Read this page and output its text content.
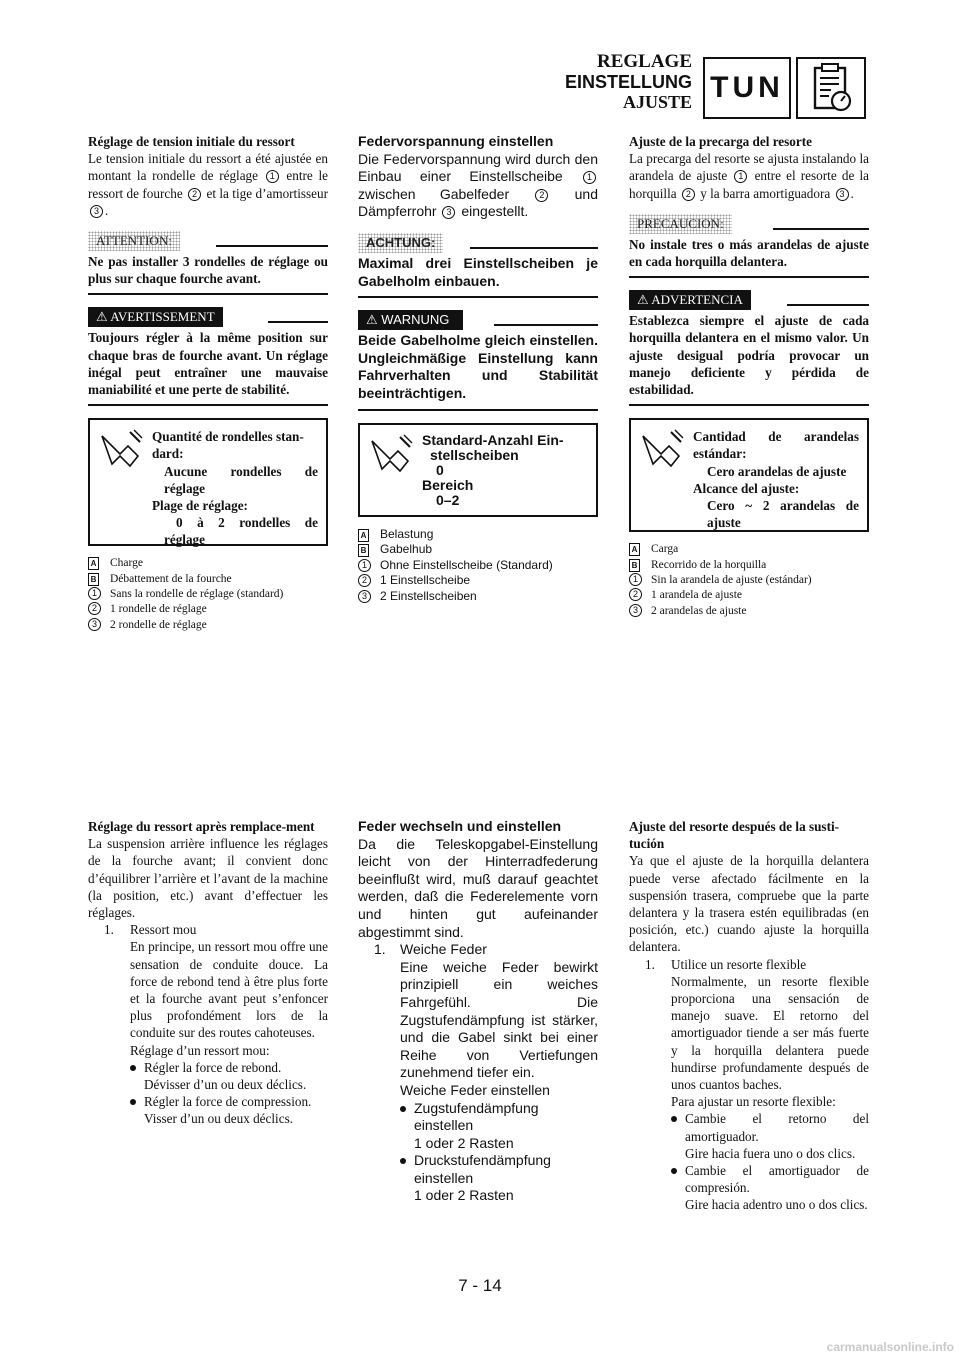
REGLAGE
EINSTELLUNG
AJUSTE TUN

Réglage de tension initiale du ressort

Le tension initiale du ressort a été ajustée en montant la rondelle de réglage 1 entre le ressort de fourche 2 et la tige d’amortisseur 3 .

ATTENTION:

Ne pas installer 3 rondelles de réglage ou plus sur chaque fourche avant.

⚠ AVERTISSEMENT

Toujours régler à la même position sur chaque bras de fourche avant. Un réglage inégal peut entraîner une mauvaise maniabilité et une perte de stabilité.

Quantité de rondelles stan-
dard:
Aucune rondelles de
réglage
Plage de réglage:
0 à 2 rondelles de
réglage
A	Charge
B	Débattement de la fourche
1	Sans la rondelle de réglage (standard)
2	1 rondelle de réglage
3	2 rondelle de réglage

Federvorspannung einstellen

Die Federvorspannung wird durch den Einbau einer Einstellscheibe 1 zwischen Gabelfeder 2 und Dämpferrohr 3 eingestellt.

ACHTUNG:

Maximal drei Einstellscheiben je Gabelholm einbauen.

⚠ WARNUNG

Beide Gabelholme gleich einstellen. Ungleichmäßige Einstellung kann Fahrverhalten und Stabilität beeinträchtigen.

Standard-Anzahl Ein-
stellscheiben
0
Bereich
0–2
A	Belastung
B	Gabelhub
1	Ohne Einstellscheibe (Standard)
2	1 Einstellscheibe
3	2 Einstellscheiben

Ajuste de la precarga del resorte

La precarga del resorte se ajusta instalando la arandela de ajuste 1 entre el resorte de la horquilla 2 y la barra amortiguadora 3 .

PRECAUCION:

No instale tres o más arandelas de ajuste en cada horquilla delantera.

⚠ ADVERTENCIA

Establezca siempre el ajuste de cada horquilla delantera en el mismo valor. Un ajuste desigual podría provocar un manejo deficiente y pérdida de estabilidad.

Cantidad de arandelas
estándar:
Cero arandelas de ajuste
Alcance del ajuste:
Cero ~ 2 arandelas de
ajuste
A	Carga
B	Recorrido de la horquilla
1	Sin la arandela de ajuste (estándar)
2	1 arandela de ajuste
3	2 arandelas de ajuste

Réglage du ressort après remplace-ment

La suspension arrière influence les réglages de la fourche avant; il convient donc d’équilibrer l’arrière et l’avant de la machine (la position, etc.) avant d’effectuer les réglages.

1. Ressort mou

En principe, un ressort mou offre une sensation de conduite douce. La force de rebond tend à être plus forte et la fourche avant peut s’enfoncer plus profondément lors de la conduite sur des routes cahoteuses.

Réglage d’un ressort mou:

Régler la force de rebond.

Dévisser d’un ou deux déclics.

Régler la force de compression.

Visser d’un ou deux déclics.

Feder wechseln und einstellen

Da die Teleskopgabel-Einstellung leicht von der Hinterradfederung beeinflußt wird, muß darauf geachtet werden, daß die Federelemente vorn und hinten gut aufeinander abgestimmt sind.

1. Weiche Feder

Eine weiche Feder bewirkt prinzipiell ein weiches Fahrgefühl. Die Zugstufendämpfung ist stärker, und die Gabel sinkt bei einer Reihe von Vertiefungen zunehmend tiefer ein.

Weiche Feder einstellen

Zugstufendämpfung einstellen

1 oder 2 Rasten

Druckstufendämpfung einstellen

1 oder 2 Rasten

Ajuste del resorte después de la susti-tución

Ya que el ajuste de la horquilla delantera puede verse afectado fácilmente en la suspensión trasera, compruebe que la parte delantera y la trasera estén equilibradas (en posición, etc.) cuando ajuste la horquilla delantera.

1. Utilice un resorte flexible

Normalmente, un resorte flexible proporciona una sensación de manejo suave. El retorno del amortiguador tiende a ser más fuerte y la horquilla delantera puede hundirse profundamente después de unos cuantos baches.

Para ajustar un resorte flexible:

Cambie el retorno del amortiguador.

Gire hacia fuera uno o dos clics.

Cambie el amortiguador de compresión.

Gire hacia adentro uno o dos clics.

7 - 14
carmanualsonline.info
